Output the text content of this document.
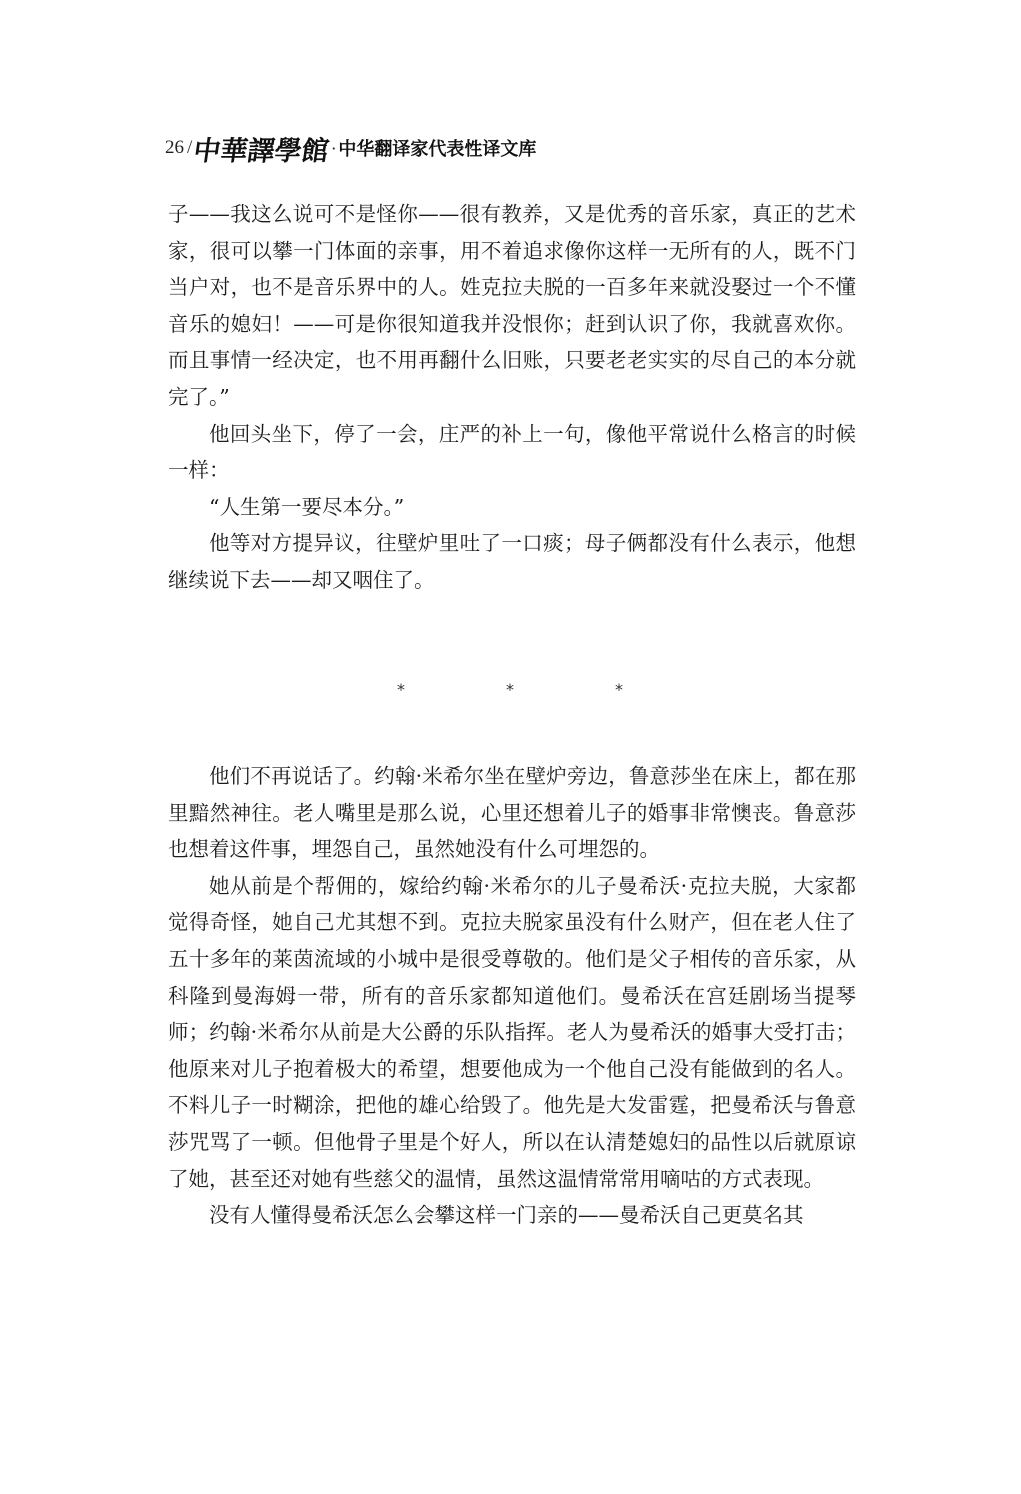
26 / 中華譯學館 · 中华翻译家代表性译文库

子——我这么说可不是怪你——很有教养，又是优秀的音乐家，真正的艺术家，很可以攀一门体面的亲事，用不着追求像你这样一无所有的人，既不门当户对，也不是音乐界中的人。姓克拉夫脱的一百多年来就没娶过一个不懂音乐的媳妇！——可是你很知道我并没恨你；赶到认识了你，我就喜欢你。而且事情一经决定，也不用再翻什么旧账，只要老老实实的尽自己的本分就完了。”

他回头坐下，停了一会，庄严的补上一句，像他平常说什么格言的时候一样：

“人生第一要尽本分。”

他等对方提异议，往壁炉里吐了一口痰；母子俩都没有什么表示，他想继续说下去——却又咽住了。

*	*	*

他们不再说话了。约翰·米希尔坐在壁炉旁边，鲁意莎坐在床上，都在那里黯然神往。老人嘴里是那么说，心里还想着儿子的婚事非常懊丧。鲁意莎也想着这件事，埋怨自己，虽然她没有什么可埋怨的。

她从前是个帮佣的，嫁给约翰·米希尔的儿子曼希沃·克拉夫脱，大家都觉得奇怪，她自己尤其想不到。克拉夫脱家虽没有什么财产，但在老人住了五十多年的莱茵流域的小城中是很受尊敬的。他们是父子相传的音乐家，从科隆到曼海姆一带，所有的音乐家都知道他们。曼希沃在宫廷剧场当提琴师；约翰·米希尔从前是大公爵的乐队指挥。老人为曼希沃的婚事大受打击；他原来对儿子抱着极大的希望，想要他成为一个他自己没有能做到的名人。不料儿子一时糊涂，把他的雄心给毁了。他先是大发雷霆，把曼希沃与鲁意莎咒骂了一顿。但他骨子里是个好人，所以在认清楚媳妇的品性以后就原谅了她，甚至还对她有些慈父的温情，虽然这温情常常用嘀咕的方式表现。

没有人懂得曼希沃怎么会攀这样一门亲的——曼希沃自己更莫名其
